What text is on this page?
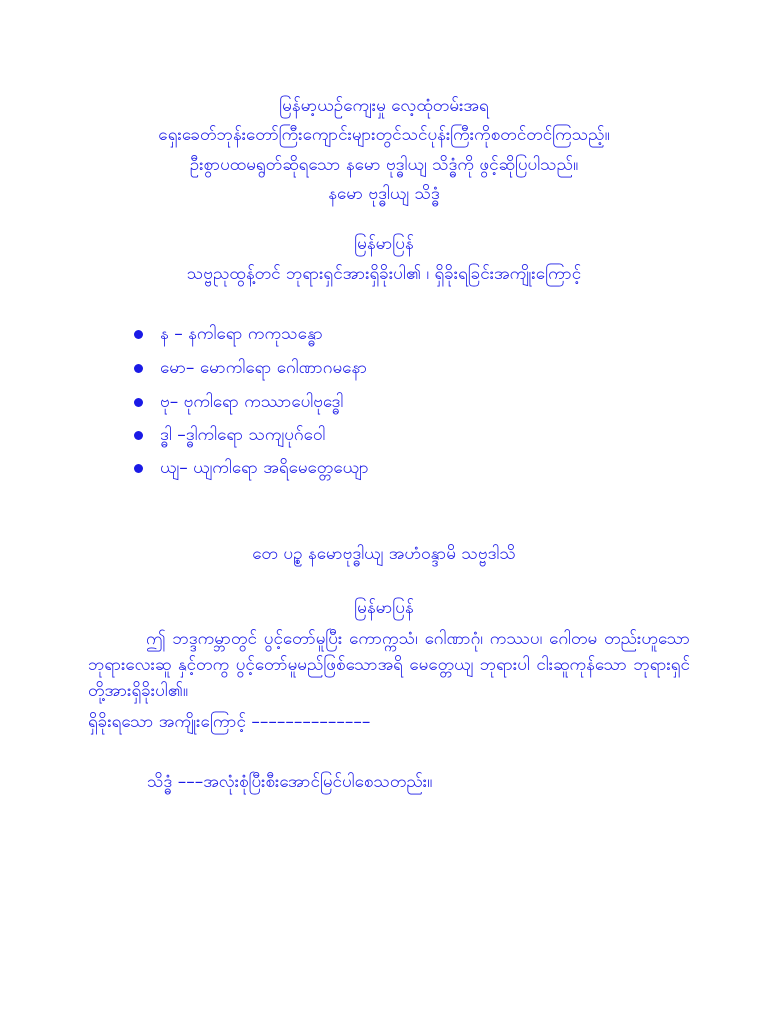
မြန်မာ့ယဉ်ကျေးမှု လေ့ထုံတမ်းအရ
ရှေးခေတ်ဘုန်းတော်ကြီးကျောင်းများတွင်သင်ပုန်းကြီးကိုစတင်တင်ကြသည့်။
ဦးစွာပထမရွတ်ဆိုရသော နမော ဗုဒ္ဓါယျ သိဒ္ဓံကို ဖွင့်ဆိုပြပါသည်။
နမော ဗုဒ္ဓါယျ သိဒ္ဓံ
မြန်မာပြန်
သဗ္ဗညုထွန့်တင် ဘုရားရှင်အားရှိခိုးပါ၏ ၊ ရှိခိုးရခြင်းအကျိုးကြောင့်
န – နကါရော ကကုသန္ဓော
မော– မောကါရော ဂေါဏာဂမနော
ဗု– ဗုကါရော ကဿာပေါဗုဒ္ဓေါ
ဒ္ဓါ –ဒ္ဓါကါရော သကျပုဂ်ဝေါ
ယျ– ယျကါရော အရိမေတ္တေယျော
တေ ပဉ္စ နမောဗုဒ္ဓါယျ အဟံဝန္ဒာမိ သဗ္ဗဒါသိ
မြန်မာပြန်
ဤ ဘဒ္ဒကမ္ဘာတွင် ပွင့်တော်မူပြီး ကောက္ကသံ၊ ဂေါဏာဂုံ၊ ကဿပ၊ ဂေါတမ တည်းဟူသော ဘုရားလေးဆူ နှင့်တကွ ပွင့်တော်မူမည်ဖြစ်သောအရိ မေတ္တေယျ ဘုရားပါ ငါးဆူကုန်သော ဘုရားရှင် တို့အားရှိခိုးပါ၏။
ရှိခိုးရသော အကျိုးကြောင့် ––––––––––––––
သိဒ္ဓံ –––အလုံးစုံပြီးစီးအောင်မြင်ပါစေသတည်း။
